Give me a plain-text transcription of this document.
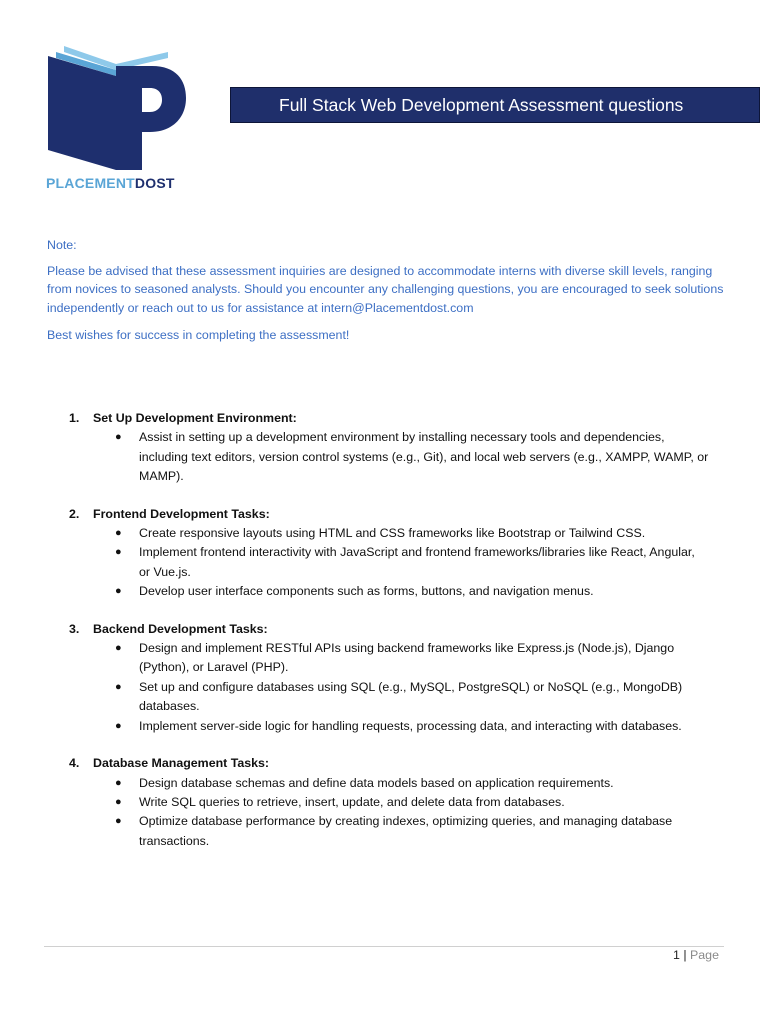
PLACEMENTDOST
Full Stack Web Development Assessment questions

Note:

Please be advised that these assessment inquiries are designed to accommodate interns with diverse skill levels, ranging from novices to seasoned analysts. Should you encounter any challenging questions, you are encouraged to seek solutions independently or reach out to us for assistance at intern@Placementdost.com

Best wishes for success in completing the assessment!

1.	Set Up Development Environment:
●	Assist in setting up a development environment by installing necessary tools and dependencies, including text editors, version control systems (e.g., Git), and local web servers (e.g., XAMPP, WAMP, or MAMP).
2.	Frontend Development Tasks:
●	Create responsive layouts using HTML and CSS frameworks like Bootstrap or Tailwind CSS.
●	Implement frontend interactivity with JavaScript and frontend frameworks/libraries like React, Angular, or Vue.js.
●	Develop user interface components such as forms, buttons, and navigation menus.
3.	Backend Development Tasks:
●	Design and implement RESTful APIs using backend frameworks like Express.js (Node.js), Django (Python), or Laravel (PHP).
●	Set up and configure databases using SQL (e.g., MySQL, PostgreSQL) or NoSQL (e.g., MongoDB) databases.
●	Implement server-side logic for handling requests, processing data, and interacting with databases.
4.	Database Management Tasks:
●	Design database schemas and define data models based on application requirements.
●	Write SQL queries to retrieve, insert, update, and delete data from databases.
●	Optimize database performance by creating indexes, optimizing queries, and managing database transactions.
1 | Page
